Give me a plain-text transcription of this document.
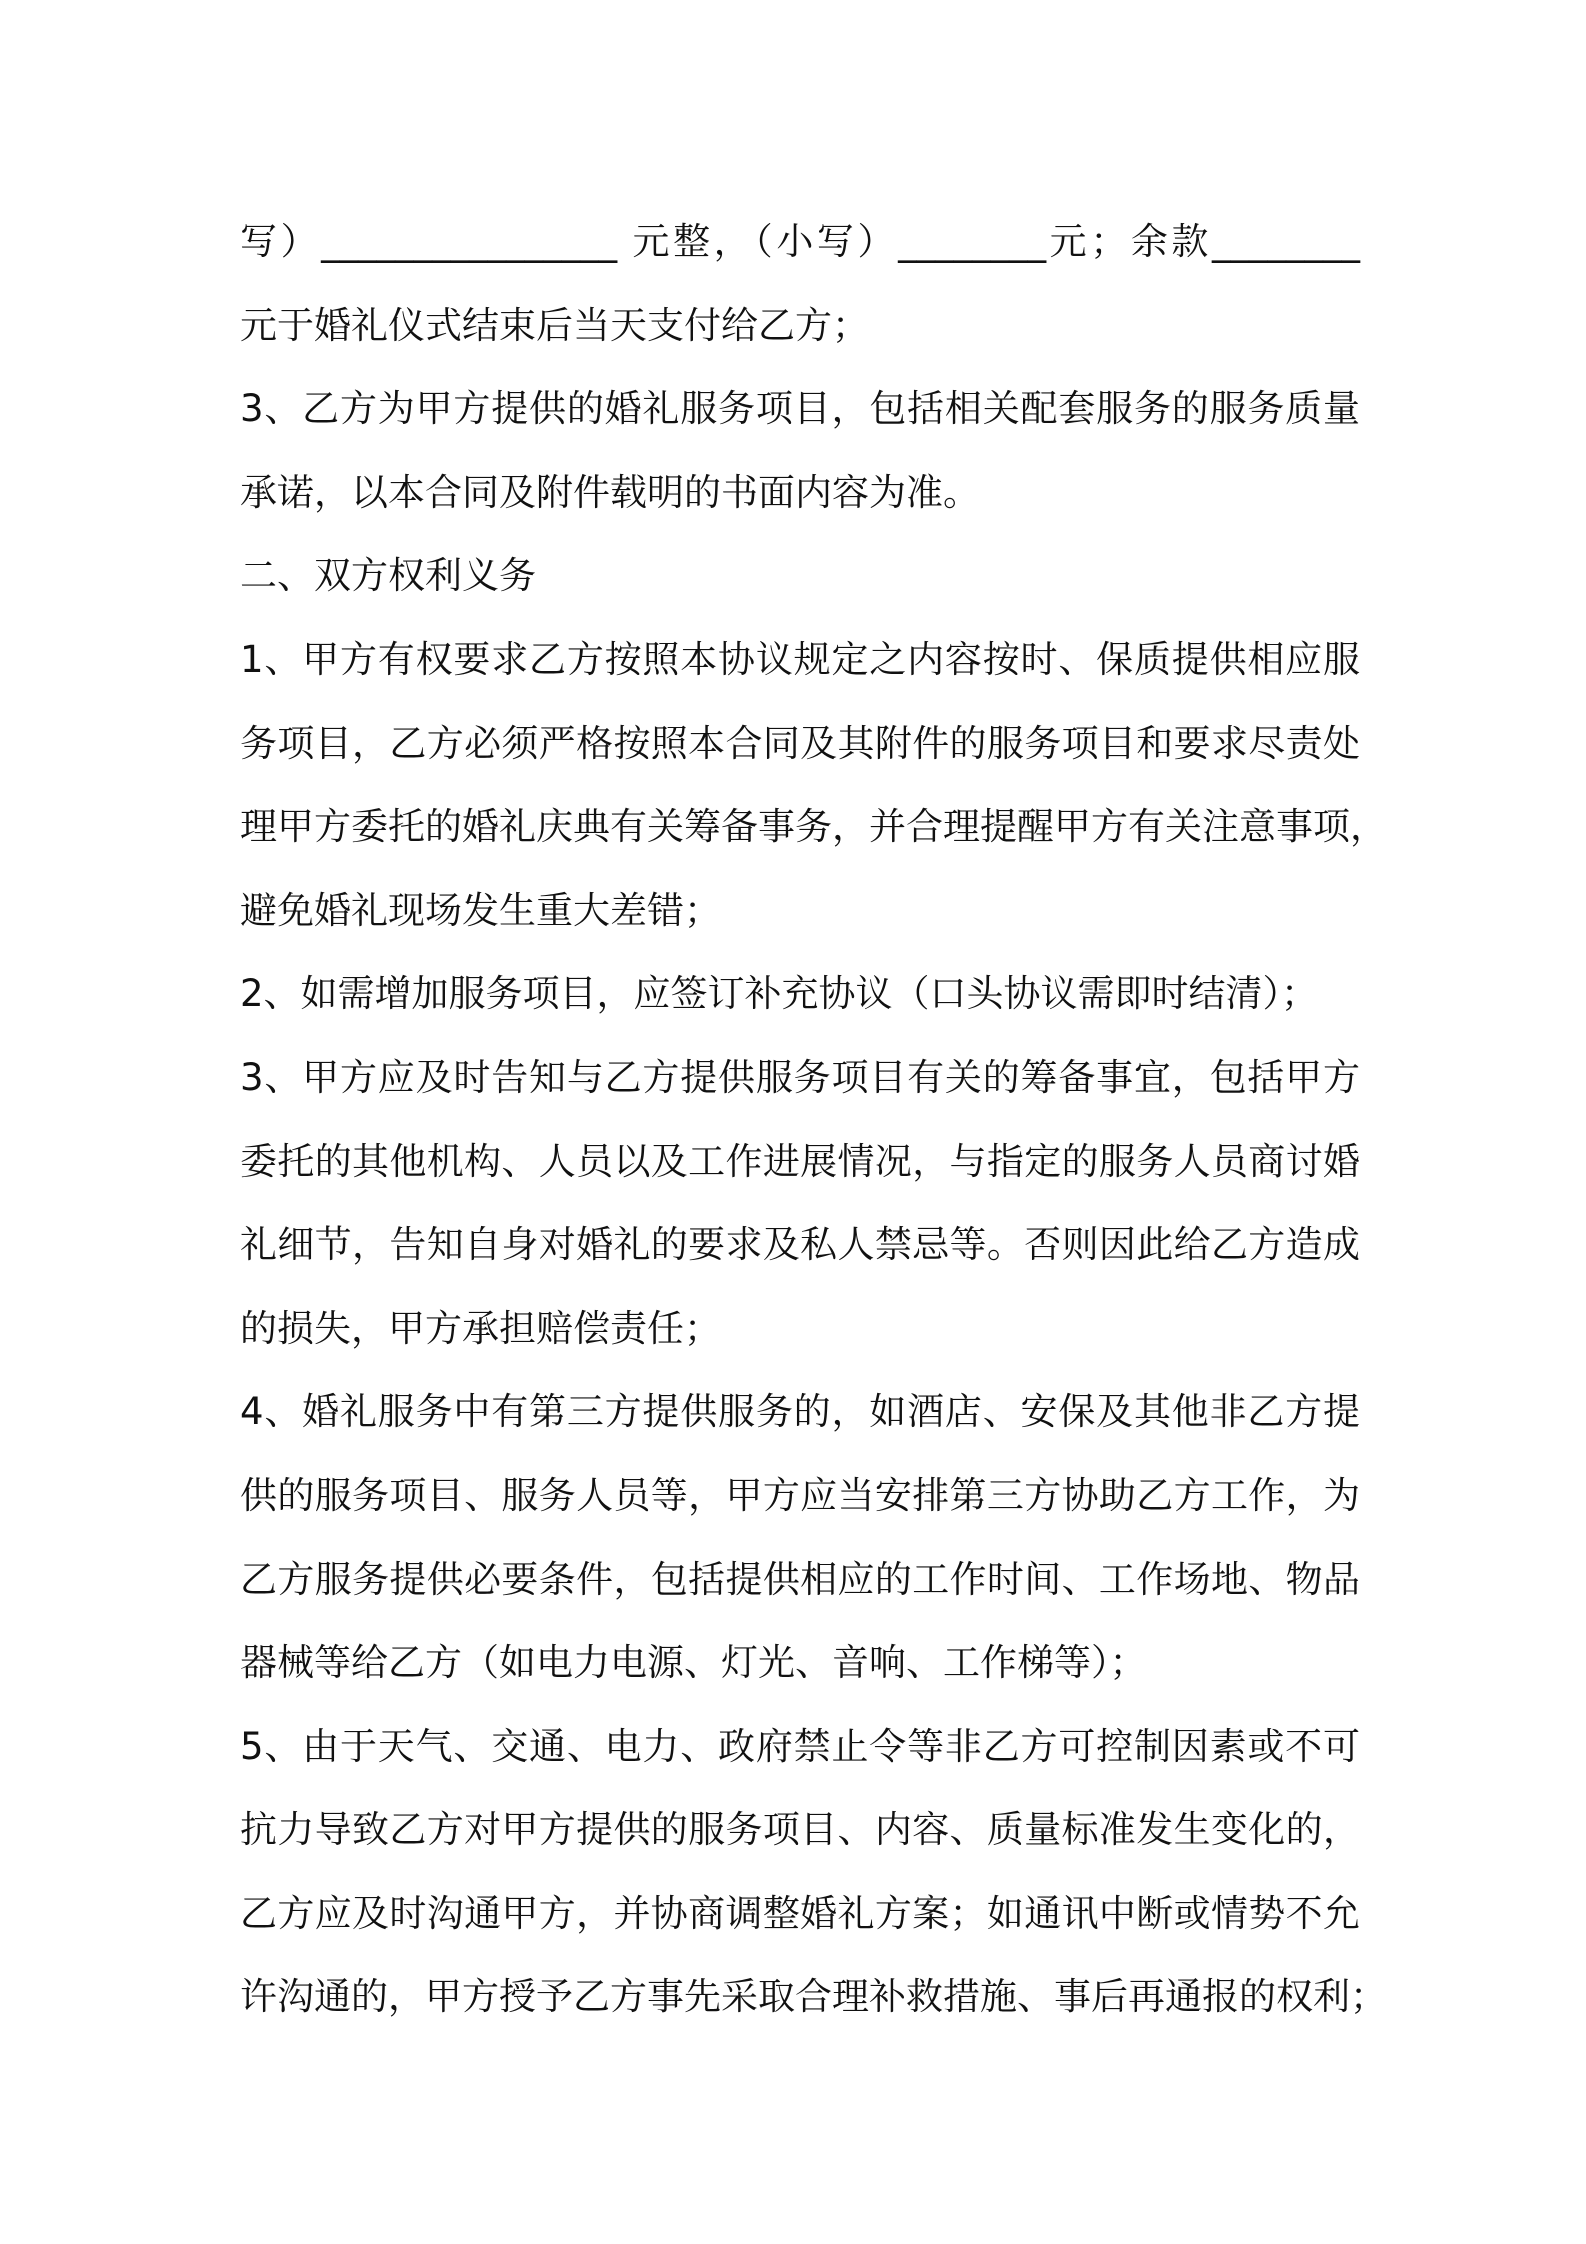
写）________________ 元整，（小写）________元；余款________
元于婚礼仪式结束后当天支付给乙方；
3、乙方为甲方提供的婚礼服务项目，包括相关配套服务的服务质量
承诺，以本合同及附件载明的书面内容为准。
二、双方权利义务
1、甲方有权要求乙方按照本协议规定之内容按时、保质提供相应服
务项目，乙方必须严格按照本合同及其附件的服务项目和要求尽责处
理甲方委托的婚礼庆典有关筹备事务，并合理提醒甲方有关注意事项，
避免婚礼现场发生重大差错；
2、如需增加服务项目，应签订补充协议（口头协议需即时结清）；
3、甲方应及时告知与乙方提供服务项目有关的筹备事宜，包括甲方
委托的其他机构、人员以及工作进展情况，与指定的服务人员商讨婚
礼细节，告知自身对婚礼的要求及私人禁忌等。否则因此给乙方造成
的损失，甲方承担赔偿责任；
4、婚礼服务中有第三方提供服务的，如酒店、安保及其他非乙方提
供的服务项目、服务人员等，甲方应当安排第三方协助乙方工作，为
乙方服务提供必要条件，包括提供相应的工作时间、工作场地、物品
器械等给乙方（如电力电源、灯光、音响、工作梯等）；
5、由于天气、交通、电力、政府禁止令等非乙方可控制因素或不可
抗力导致乙方对甲方提供的服务项目、内容、质量标准发生变化的，
乙方应及时沟通甲方，并协商调整婚礼方案；如通讯中断或情势不允
许沟通的，甲方授予乙方事先采取合理补救措施、事后再通报的权利；
